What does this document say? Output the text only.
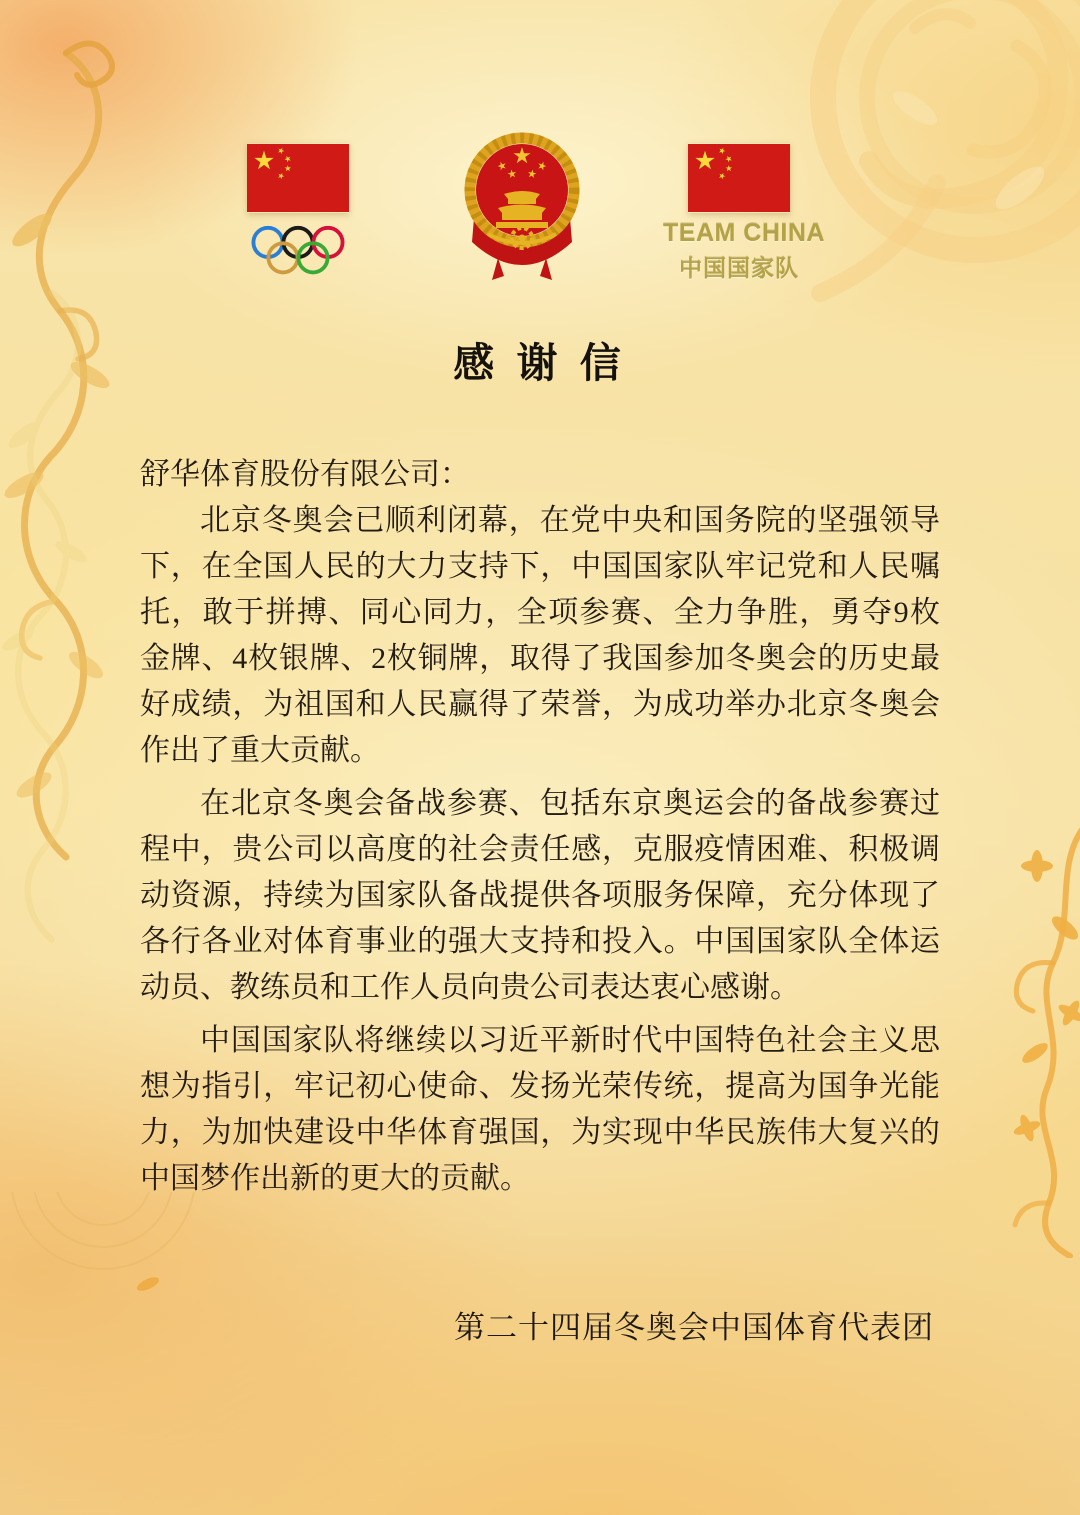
TEAM CHINA
中国国家队
感 谢 信
舒华体育股份有限公司：
北京冬奥会已顺利闭幕，在党中央和国务院的坚强领导
下，在全国人民的大力支持下，中国国家队牢记党和人民嘱
托，敢于拼搏、同心同力，全项参赛、全力争胜，勇夺9枚
金牌、4枚银牌、2枚铜牌，取得了我国参加冬奥会的历史最
好成绩，为祖国和人民赢得了荣誉，为成功举办北京冬奥会
作出了重大贡献。
在北京冬奥会备战参赛、包括东京奥运会的备战参赛过
程中，贵公司以高度的社会责任感，克服疫情困难、积极调
动资源，持续为国家队备战提供各项服务保障，充分体现了
各行各业对体育事业的强大支持和投入。中国国家队全体运
动员、教练员和工作人员向贵公司表达衷心感谢。
中国国家队将继续以习近平新时代中国特色社会主义思
想为指引，牢记初心使命、发扬光荣传统，提高为国争光能
力，为加快建设中华体育强国，为实现中华民族伟大复兴的
中国梦作出新的更大的贡献。
第二十四届冬奥会中国体育代表团
